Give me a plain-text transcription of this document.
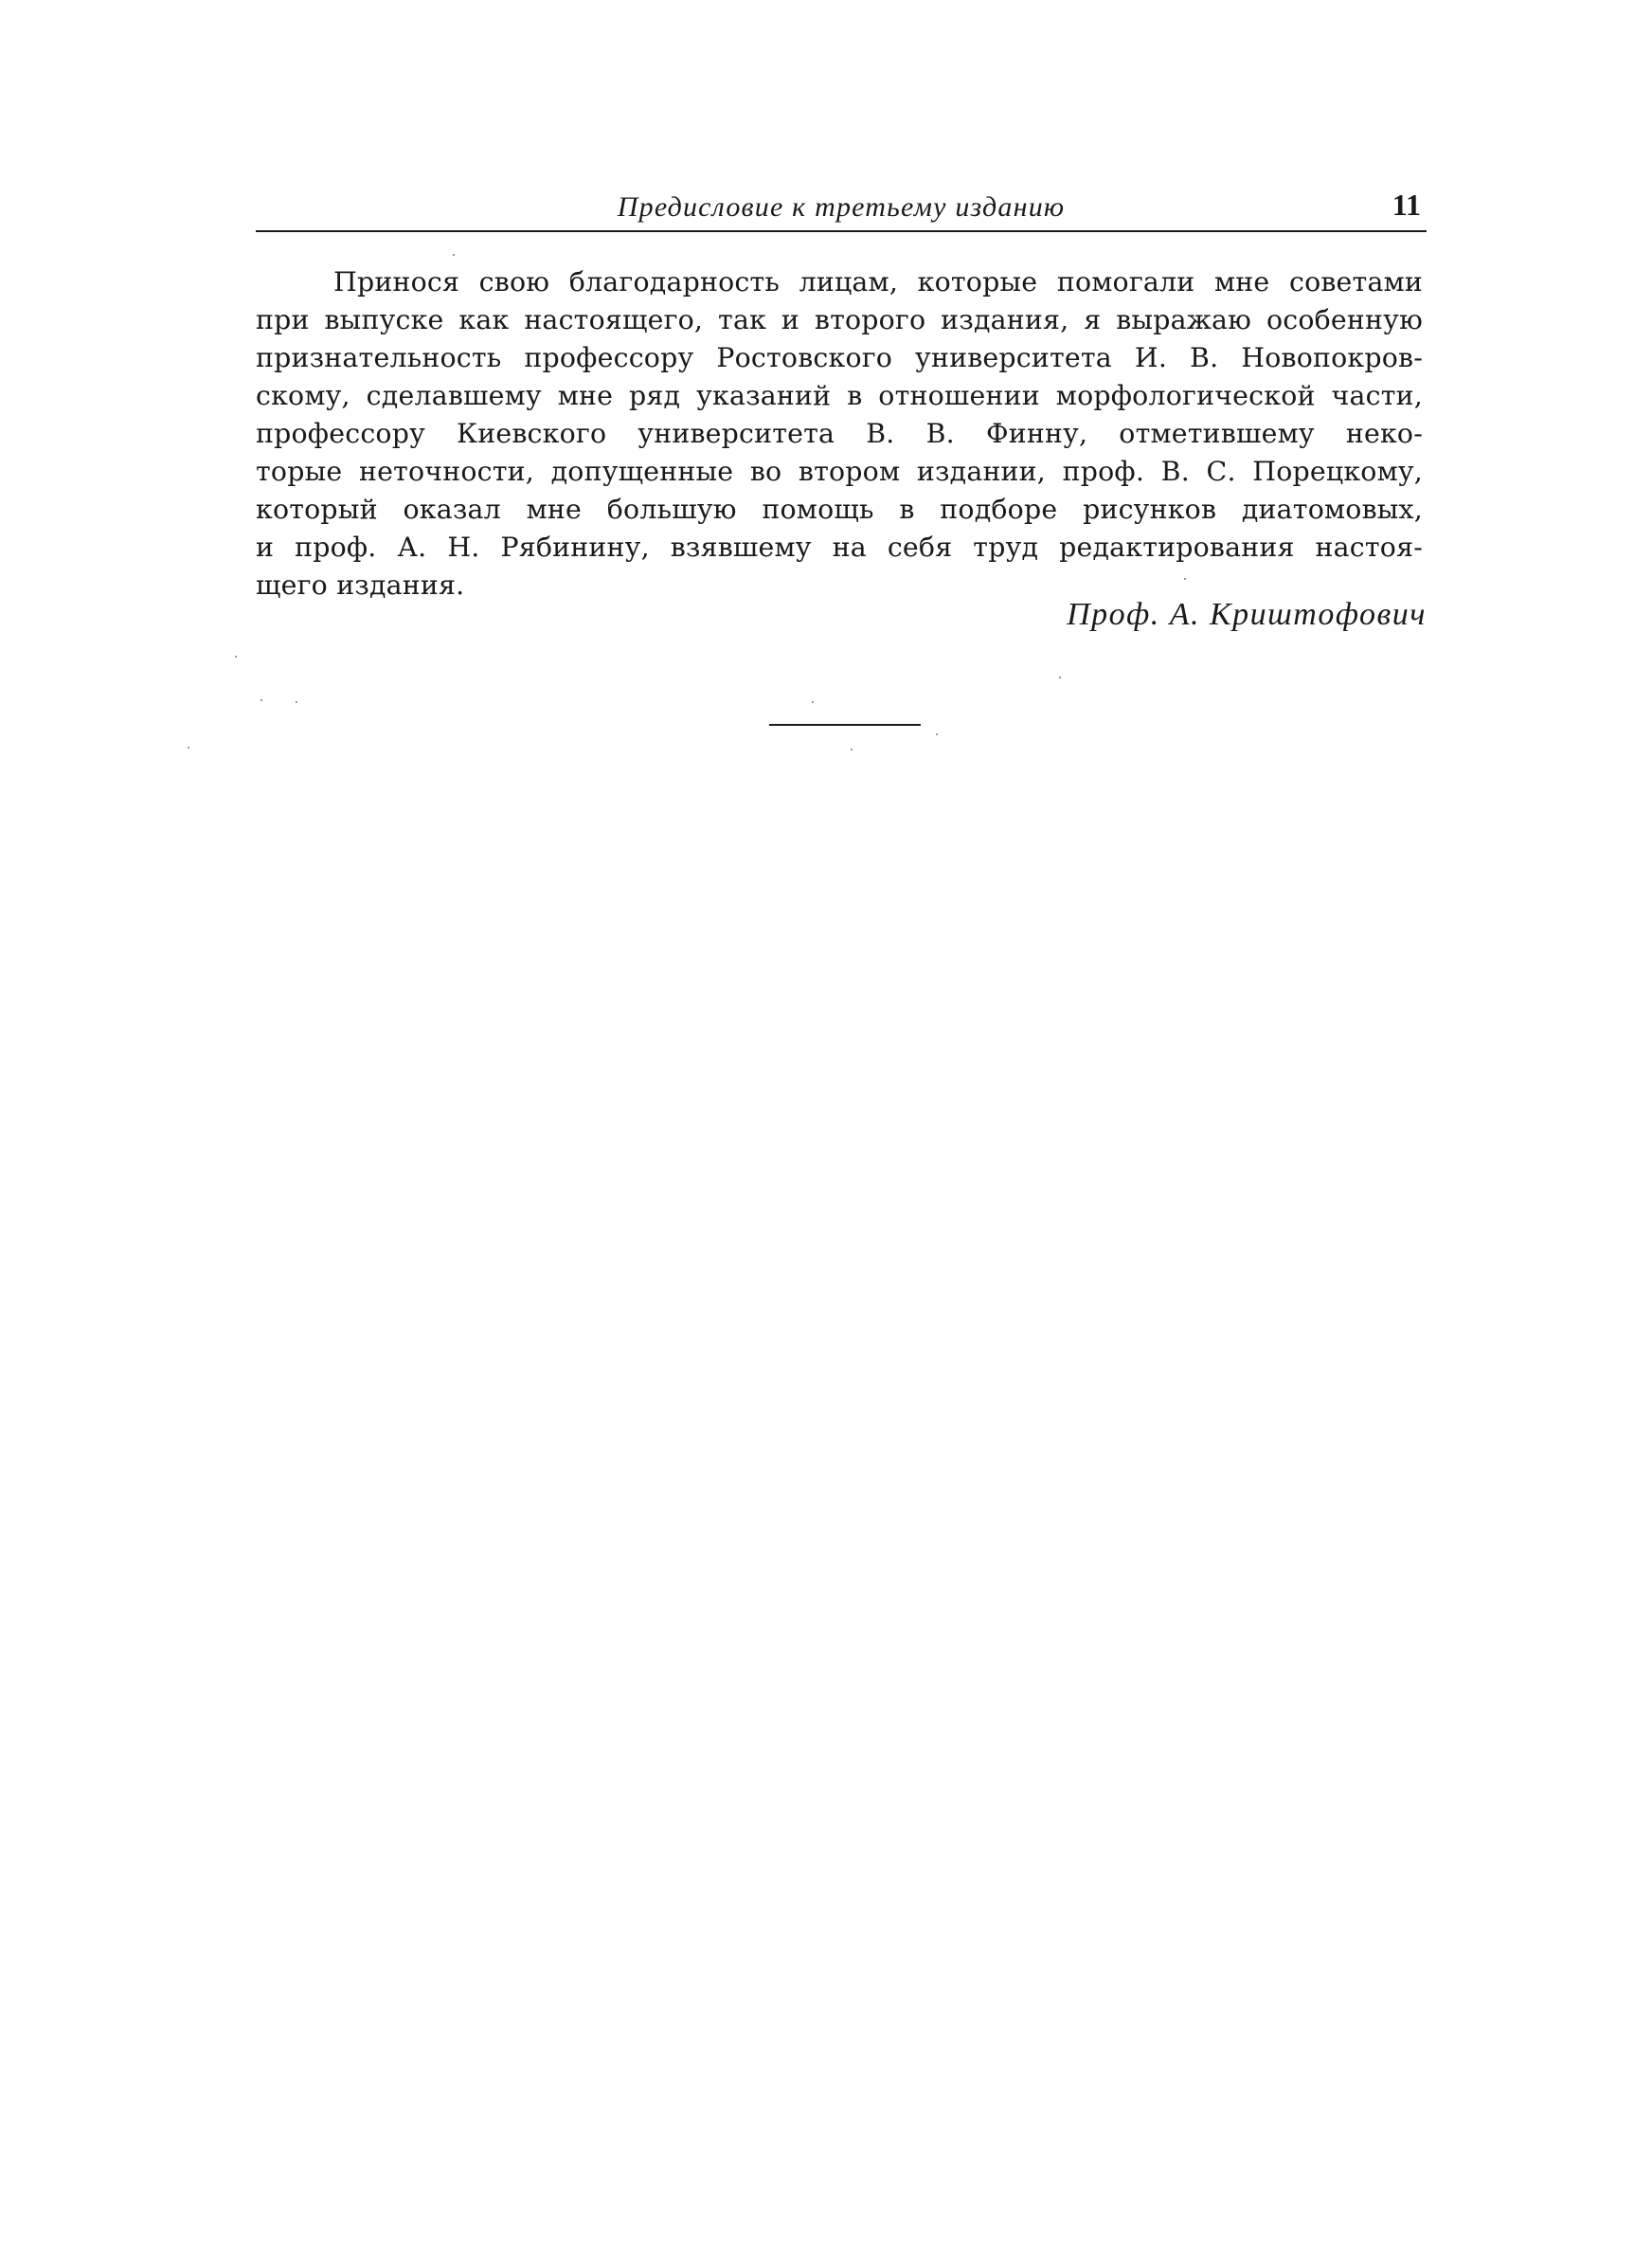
Предисловие к третьему изданию	11
Принося свою благодарность лицам, которые помогали мне советами
при выпуске как настоящего, так и второго издания, я выражаю особенную
признательность профессору Ростовского университета И. В. Новопокров-
скому, сделавшему мне ряд указаний в отношении морфологической части,
профессору Киевского университета В. В. Финну, отметившему неко-
торые неточности, допущенные во втором издании, проф. В. С. Порецкому,
который оказал мне большую помощь в подборе рисунков диатомовых,
и проф. А. Н. Рябинину, взявшему на себя труд редактирования настоя-
щего издания.
Проф. А. Криштофович
